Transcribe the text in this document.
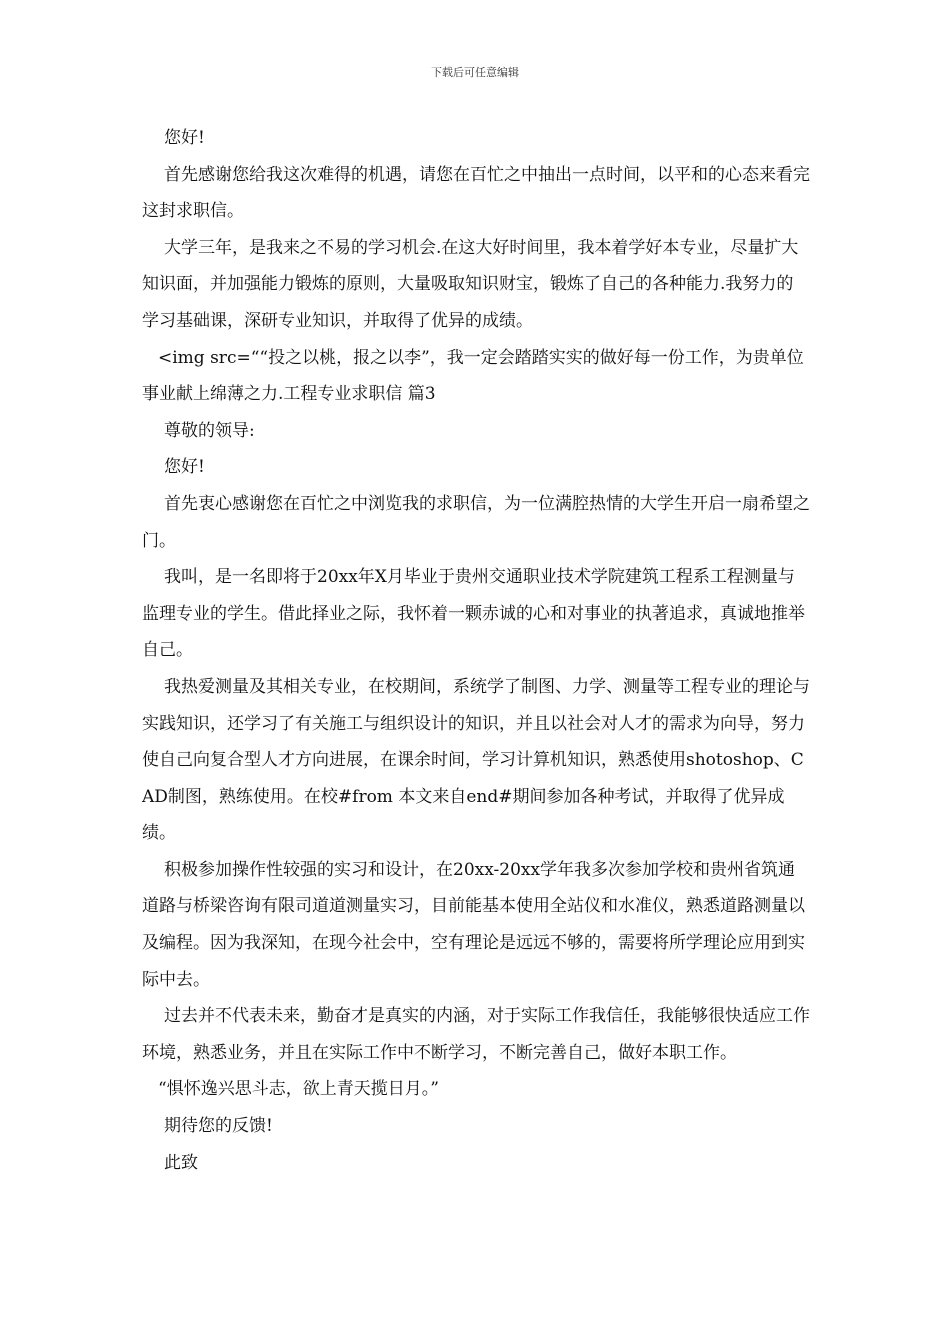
下载后可任意编辑

您好!

首先感谢您给我这次难得的机遇，请您在百忙之中抽出一点时间，以平和的心态来看完这封求职信。

大学三年，是我来之不易的学习机会.在这大好时间里，我本着学好本专业，尽量扩大知识面，并加强能力锻炼的原则，大量吸取知识财宝，锻炼了自己的各种能力.我努力的学习基础课，深研专业知识，并取得了优异的成绩。

<img src=““投之以桃，报之以李”，我一定会踏踏实实的做好每一份工作，为贵单位事业献上绵薄之力.工程专业求职信 篇3

尊敬的领导:

您好!

首先衷心感谢您在百忙之中浏览我的求职信，为一位满腔热情的大学生开启一扇希望之门。

我叫，是一名即将于20xx年X月毕业于贵州交通职业技术学院建筑工程系工程测量与监理专业的学生。借此择业之际，我怀着一颗赤诚的心和对事业的执著追求，真诚地推举自己。

我热爱测量及其相关专业，在校期间，系统学了制图、力学、测量等工程专业的理论与实践知识，还学习了有关施工与组织设计的知识，并且以社会对人才的需求为向导，努力使自己向复合型人才方向进展，在课余时间，学习计算机知识，熟悉使用shotoshop、CAD制图，熟练使用。在校#from 本文来自end#期间参加各种考试，并取得了优异成绩。

积极参加操作性较强的实习和设计，在20xx-20xx学年我多次参加学校和贵州省筑通道路与桥梁咨询有限司道道测量实习，目前能基本使用全站仪和水准仪，熟悉道路测量以及编程。因为我深知，在现今社会中，空有理论是远远不够的，需要将所学理论应用到实际中去。

过去并不代表未来，勤奋才是真实的内涵，对于实际工作我信任，我能够很快适应工作环境，熟悉业务，并且在实际工作中不断学习，不断完善自己，做好本职工作。

“惧怀逸兴思斗志，欲上青天揽日月。”

期待您的反馈!

此致
